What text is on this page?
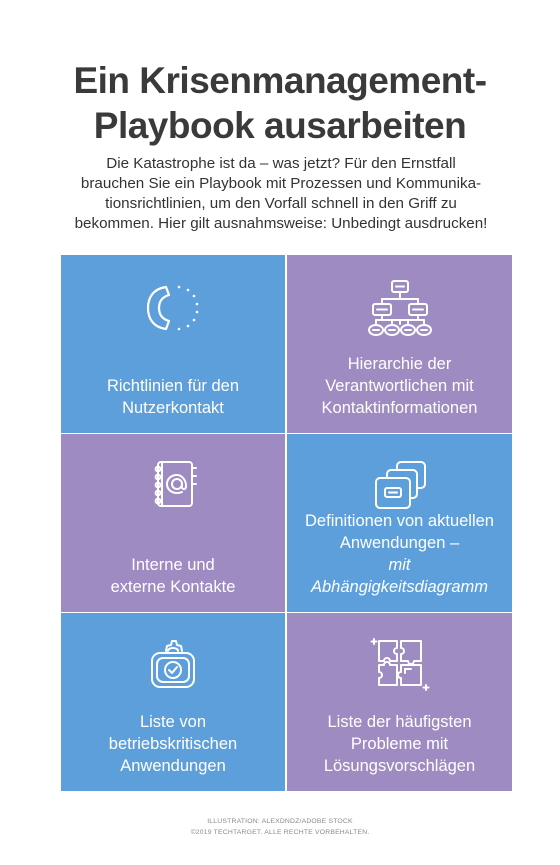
Ein Krisenmanagement-
Playbook ausarbeiten
Die Katastrophe ist da – was jetzt? Für den Ernstfall
brauchen Sie ein Playbook mit Prozessen und Kommunika-
tionsrichtlinien, um den Vorfall schnell in den Griff zu
bekommen. Hier gilt ausnahmsweise: Unbedingt ausdrucken!
Richtlinien für den
Nutzerkontakt
Hierarchie der
Verantwortlichen mit
Kontaktinformationen
Interne und
externe Kontakte
Definitionen von aktuellen
Anwendungen –
mit
Abhängigkeitsdiagramm
Liste von
betriebskritischen
Anwendungen
Liste der häufigsten
Probleme mit
Lösungsvorschlägen
ILLUSTRATION: ALEXDNDZ/ADOBE STOCK
©2019 TECHTARGET. ALLE RECHTE VORBEHALTEN.
